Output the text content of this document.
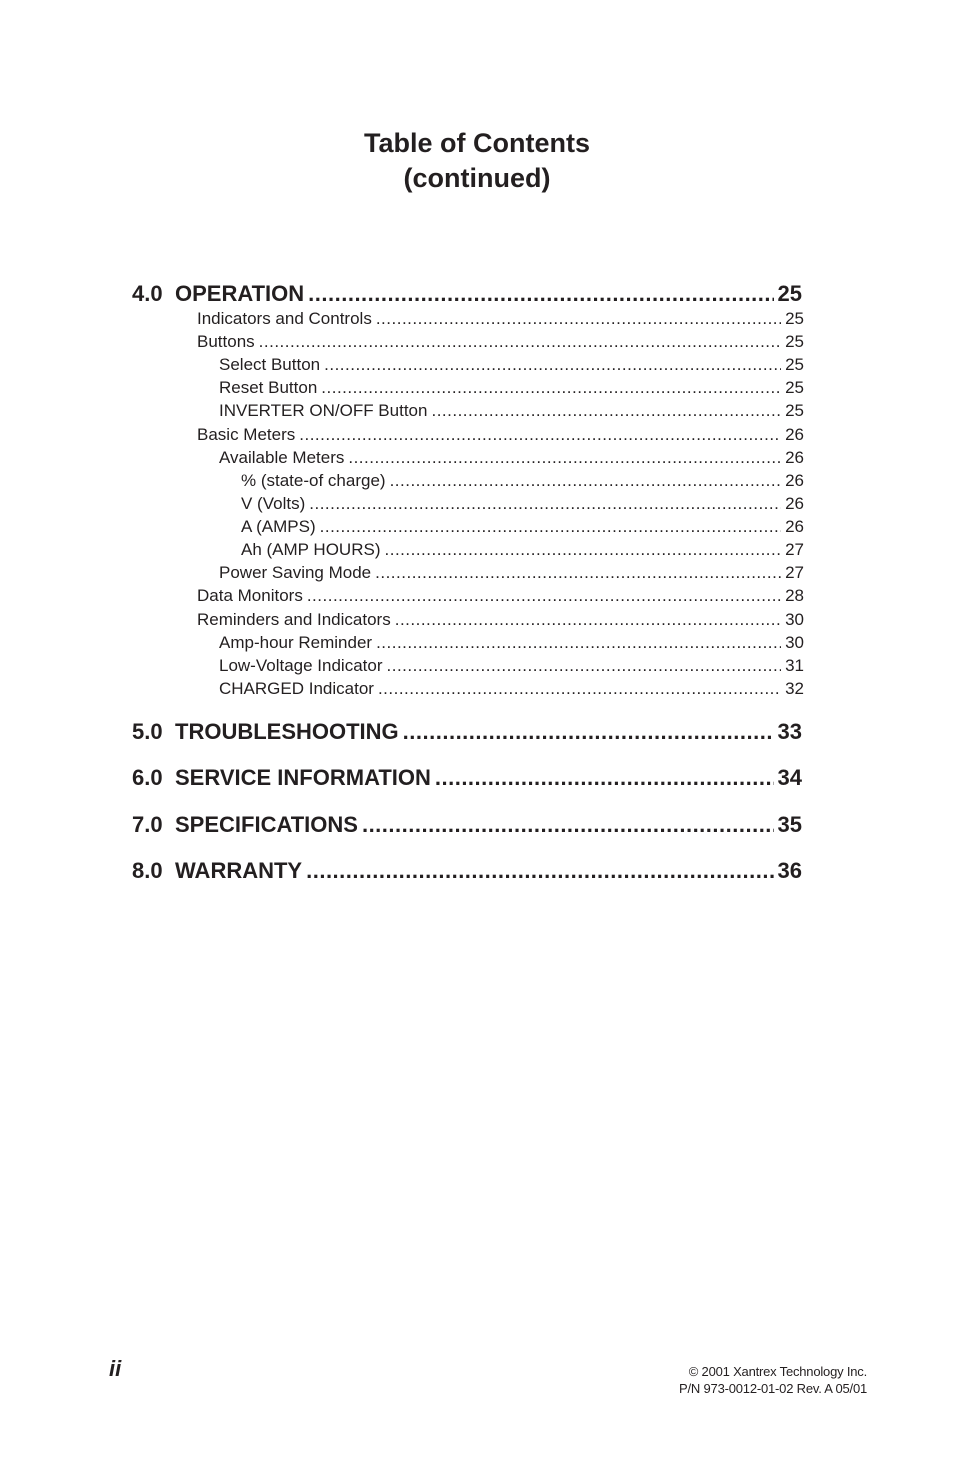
Table of Contents
(continued)
4.0 OPERATION .....	25
Indicators and Controls .....	25
Buttons .....	25
Select Button .....	25
Reset Button .....	25
INVERTER ON/OFF Button .....	25
Basic Meters .....	26
Available Meters .....	26
% (state-of charge) .....	26
V (Volts) .....	26
A (AMPS) .....	26
Ah (AMP HOURS) .....	27
Power Saving Mode .....	27
Data Monitors .....	28
Reminders and Indicators .....	30
Amp-hour Reminder .....	30
Low-Voltage Indicator .....	31
CHARGED Indicator .....	32
5.0 TROUBLESHOOTING .....	33
6.0 SERVICE INFORMATION .....	34
7.0 SPECIFICATIONS .....	35
8.0 WARRANTY .....	36
ii	© 2001 Xantrex Technology Inc.
P/N 973-0012-01-02 Rev. A 05/01
